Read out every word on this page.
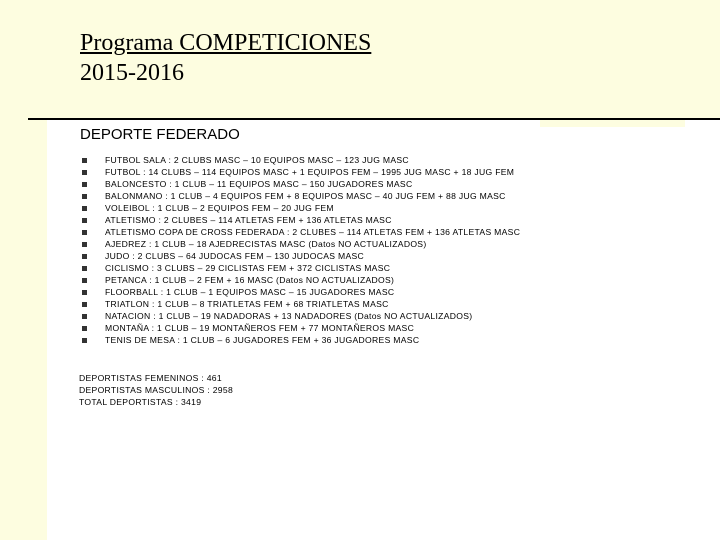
Programa COMPETICIONES
2015-2016
DEPORTE FEDERADO
FUTBOL SALA : 2 CLUBS MASC – 10 EQUIPOS MASC – 123 JUG MASC
FUTBOL : 14 CLUBS – 114 EQUIPOS MASC + 1 EQUIPOS FEM – 1995 JUG MASC + 18 JUG FEM
BALONCESTO : 1 CLUB – 11 EQUIPOS MASC – 150 JUGADORES MASC
BALONMANO : 1 CLUB – 4 EQUIPOS FEM + 8 EQUIPOS MASC – 40 JUG FEM + 88 JUG MASC
VOLEIBOL : 1 CLUB – 2 EQUIPOS FEM – 20 JUG FEM
ATLETISMO : 2 CLUBES – 114 ATLETAS FEM + 136 ATLETAS MASC
ATLETISMO COPA DE CROSS FEDERADA : 2 CLUBES – 114 ATLETAS FEM + 136 ATLETAS MASC
AJEDREZ : 1 CLUB – 18 AJEDRECISTAS MASC (Datos NO ACTUALIZADOS)
JUDO : 2 CLUBS – 64 JUDOCAS FEM – 130 JUDOCAS MASC
CICLISMO : 3 CLUBS – 29 CICLISTAS FEM + 372 CICLISTAS MASC
PETANCA : 1 CLUB – 2 FEM + 16 MASC (Datos NO ACTUALIZADOS)
FLOORBALL : 1 CLUB – 1 EQUIPOS MASC – 15 JUGADORES MASC
TRIATLON : 1 CLUB – 8 TRIATLETAS FEM + 68 TRIATLETAS MASC
NATACION : 1 CLUB – 19 NADADORAS + 13 NADADORES (Datos NO ACTUALIZADOS)
MONTAÑA : 1 CLUB – 19 MONTAÑEROS FEM + 77 MONTAÑEROS MASC
TENIS DE MESA : 1 CLUB – 6 JUGADORES FEM + 36 JUGADORES MASC
DEPORTISTAS FEMENINOS : 461
DEPORTISTAS MASCULINOS : 2958
TOTAL DEPORTISTAS : 3419
